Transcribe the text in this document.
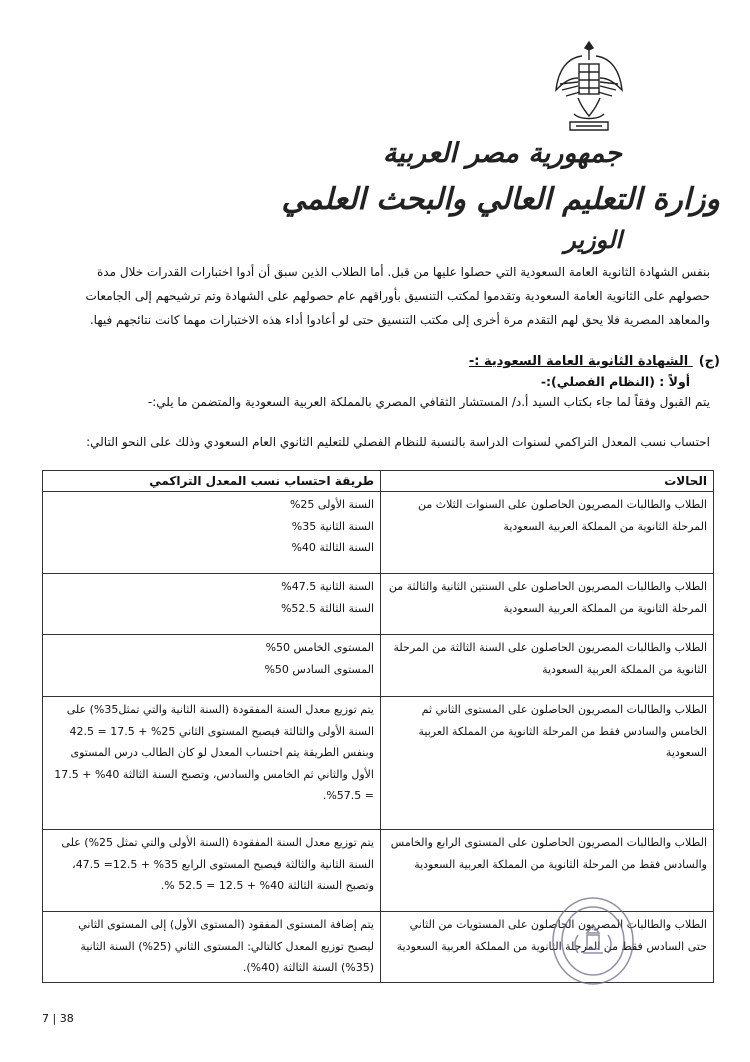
جمهورية مصر العربية
وزارة التعليم العالي والبحث العلمي
الوزير
بنفس الشهادة الثانوية العامة السعودية التي حصلوا عليها من قبل. أما الطلاب الذين سبق أن أدوا اختبارات القدرات خلال مدة حصولهم على الثانوية العامة السعودية وتقدموا لمكتب التنسيق بأوراقهم عام حصولهم على الشهادة وتم ترشيحهم إلى الجامعات والمعاهد المصرية فلا يحق لهم التقدم مرة أخرى إلى مكتب التنسيق حتى لو أعادوا أداء هذه الاختبارات مهما كانت نتائجهم فيها.
(ج) الشهادة الثانوية العامة السعودية :-
أولاً : (النظام الفصلي):-
يتم القبول وفقاً لما جاء بكتاب السيد أ.د/ المستشار الثقافي المصري بالمملكة العربية السعودية والمتضمن ما يلي:-
احتساب نسب المعدل التراكمي لسنوات الدراسة بالنسبة للنظام الفصلي للتعليم الثانوي العام السعودي وذلك على النحو التالي:
الحالات	طريقة احتساب نسب المعدل التراكمي
الطلاب والطالبات المصريون الحاصلون على السنوات الثلاث من المرحلة الثانوية من المملكة العربية السعودية	السنة الأولى 25%
السنة الثانية 35%
السنة الثالثة 40%

الطلاب والطالبات المصريون الحاصلون على السنتين الثانية والثالثة من المرحلة الثانوية من المملكة العربية السعودية	السنة الثانية 47.5%
السنة الثالثة 52.5%

الطلاب والطالبات المصريون الحاصلون على السنة الثالثة من المرحلة الثانوية من المملكة العربية السعودية	المستوى الخامس 50%
المستوى السادس 50%

الطلاب والطالبات المصريون الحاصلون على المستوى الثاني ثم الخامس والسادس فقط من المرحلة الثانوية من المملكة العربية السعودية	يتم توزيع معدل السنة المفقودة (السنة الثانية والتي تمثل35%) على السنة الأولى والثالثة فيصبح المستوى الثاني 25% + 17.5 = 42.5 وبنفس الطريقة يتم احتساب المعدل لو كان الطالب درس المستوى الأول والثاني ثم الخامس والسادس، وتصبح السنة الثالثة 40% + 17.5 = 57.5%.
الطلاب والطالبات المصريون الحاصلون على المستوى الرابع والخامس والسادس فقط من المرحلة الثانوية من المملكة العربية السعودية	يتم توزيع معدل السنة المفقودة (السنة الأولى والتي تمثل 25%) على السنة الثانية والثالثة فيصبح المستوى الرابع 35% + 12.5= 47.5، وتصبح السنة الثالثة 40% + 12.5 = 52.5 %.
الطلاب والطالبات المصريون الحاصلون على المستويات من الثاني حتى السادس فقط من المرحلة الثانوية من المملكة العربية السعودية	يتم إضافة المستوى المفقود (المستوى الأول) إلى المستوى الثاني ليصبح توزيع المعدل كالتالي: المستوى الثاني (25%) السنة الثانية (35%) السنة الثالثة (40%).
7 | 38
